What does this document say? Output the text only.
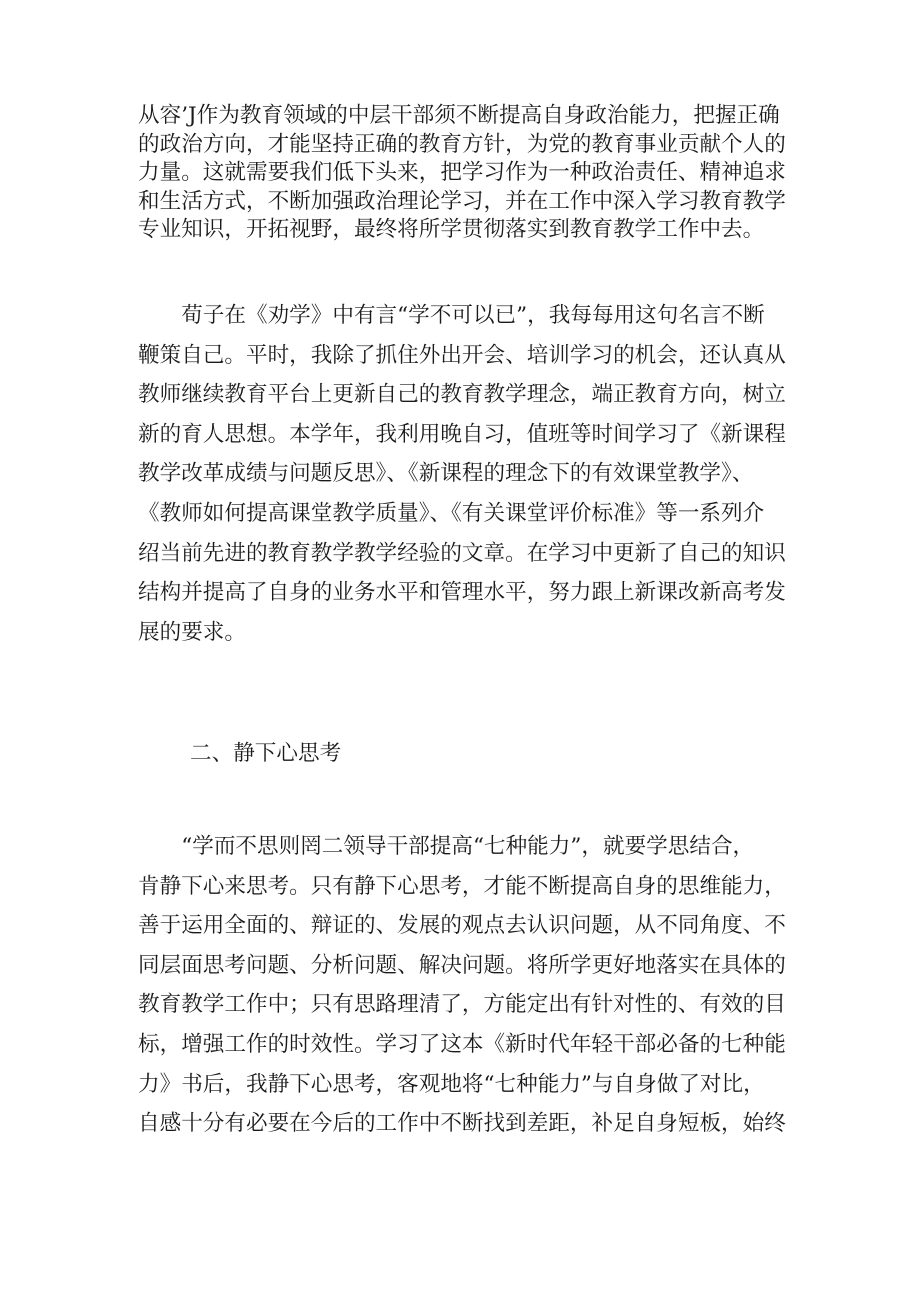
从容’J作为教育领域的中层干部须不断提高自身政治能力，把握正确
的政治方向，才能坚持正确的教育方针，为党的教育事业贡献个人的
力量。这就需要我们低下头来，把学习作为一种政治责任、精神追求
和生活方式，不断加强政治理论学习，并在工作中深入学习教育教学
专业知识，开拓视野，最终将所学贯彻落实到教育教学工作中去。

　　荀子在《劝学》中有言“学不可以已”，我每每用这句名言不断
鞭策自己。平时，我除了抓住外出开会、培训学习的机会，还认真从
教师继续教育平台上更新自己的教育教学理念，端正教育方向，树立
新的育人思想。本学年，我利用晚自习，值班等时间学习了《新课程
教学改革成绩与问题反思》、《新课程的理念下的有效课堂教学》、
《教师如何提高课堂教学质量》、《有关课堂评价标准》等一系列介
绍当前先进的教育教学教学经验的文章。在学习中更新了自己的知识
结构并提高了自身的业务水平和管理水平，努力跟上新课改新高考发
展的要求。

二、静下心思考

　　“学而不思则罔二领导干部提高“七种能力”，就要学思结合，
肯静下心来思考。只有静下心思考，才能不断提高自身的思维能力，
善于运用全面的、辩证的、发展的观点去认识问题，从不同角度、不
同层面思考问题、分析问题、解决问题。将所学更好地落实在具体的
教育教学工作中；只有思路理清了，方能定出有针对性的、有效的目
标，增强工作的时效性。学习了这本《新时代年轻干部必备的七种能
力》书后，我静下心思考，客观地将“七种能力”与自身做了对比，
自感十分有必要在今后的工作中不断找到差距，补足自身短板，始终
